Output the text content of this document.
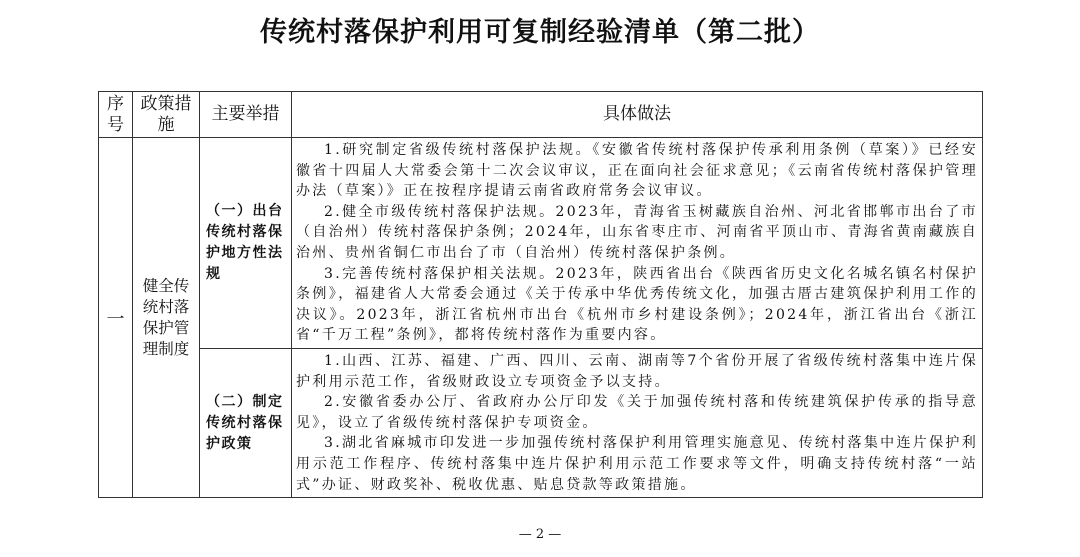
传统村落保护利用可复制经验清单（第二批）
序号	政策措施	主要举措	具体做法
一	健全传统村落保护管理制度	（一）出台传统村落保护地方性法规	1.研究制定省级传统村落保护法规。《安徽省传统村落保护传承利用条例（草案）》已经安徽省十四届人大常委会第十二次会议审议，正在面向社会征求意见；《云南省传统村落保护管理办法（草案）》正在按程序提请云南省政府常务会议审议。

2.健全市级传统村落保护法规。2023年，青海省玉树藏族自治州、河北省邯郸市出台了市（自治州）传统村落保护条例；2024年，山东省枣庄市、河南省平顶山市、青海省黄南藏族自治州、贵州省铜仁市出台了市（自治州）传统村落保护条例。

3.完善传统村落保护相关法规。2023年，陕西省出台《陕西省历史文化名城名镇名村保护条例》，福建省人大常委会通过《关于传承中华优秀传统文化，加强古厝古建筑保护利用工作的决议》。2023年，浙江省杭州市出台《杭州市乡村建设条例》；2024年，浙江省出台《浙江省“千万工程”条例》，都将传统村落作为重要内容。

		（二）制定传统村落保护政策	1.山西、江苏、福建、广西、四川、云南、湖南等7个省份开展了省级传统村落集中连片保护利用示范工作，省级财政设立专项资金予以支持。

2.安徽省委办公厅、省政府办公厅印发《关于加强传统村落和传统建筑保护传承的指导意见》，设立了省级传统村落保护专项资金。

3.湖北省麻城市印发进一步加强传统村落保护利用管理实施意见、传统村落集中连片保护利用示范工作程序、传统村落集中连片保护利用示范工作要求等文件，明确支持传统村落“一站式”办证、财政奖补、税收优惠、贴息贷款等政策措施。

— 2 —
